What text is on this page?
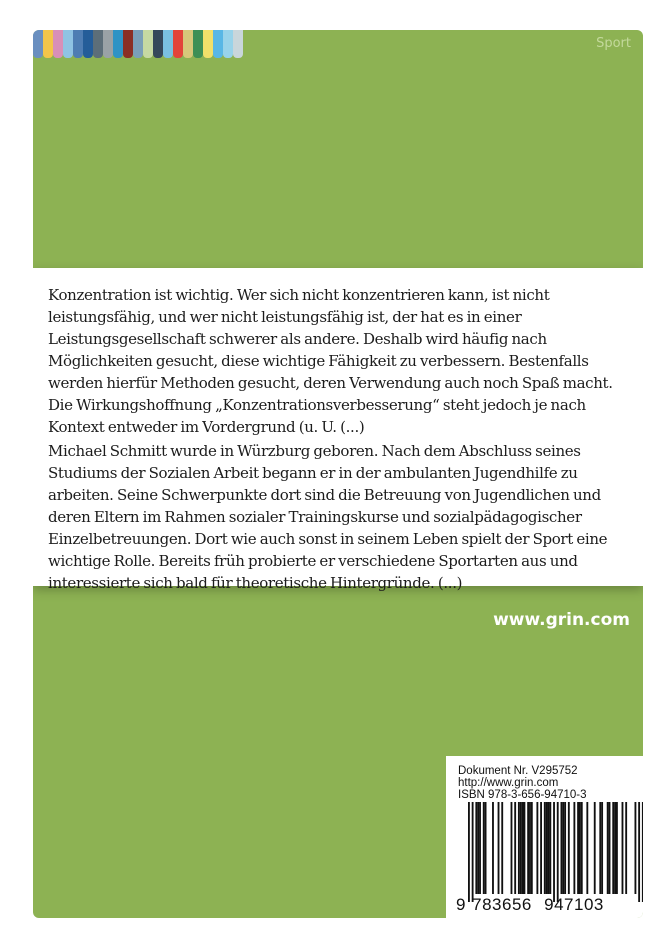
Sport

Konzentration ist wichtig. Wer sich nicht konzentrieren kann, ist nicht leistungsfähig, und wer nicht leistungsfähig ist, der hat es in einer Leistungsgesellschaft schwerer als andere. Deshalb wird häufig nach Möglichkeiten gesucht, diese wichtige Fähigkeit zu verbessern. Bestenfalls werden hierfür Methoden gesucht, deren Verwendung auch noch Spaß macht. Die Wirkungshoffnung „Konzentrationsverbesserung“ steht jedoch je nach Kontext entweder im Vordergrund (u. U. (...)

Michael Schmitt wurde in Würzburg geboren. Nach dem Abschluss seines Studiums der Sozialen Arbeit begann er in der ambulanten Jugendhilfe zu arbeiten. Seine Schwerpunkte dort sind die Betreuung von Jugendlichen und deren Eltern im Rahmen sozialer Trainingskurse und sozialpädagogischer Einzelbetreuungen. Dort wie auch sonst in seinem Leben spielt der Sport eine wichtige Rolle. Bereits früh probierte er verschiedene Sportarten aus und interessierte sich bald für theoretische Hintergründe. (...)

www.grin.com
Dokument Nr. V295752
http://www.grin.com
ISBN 978-3-656-94710-3
9 783656 947103
